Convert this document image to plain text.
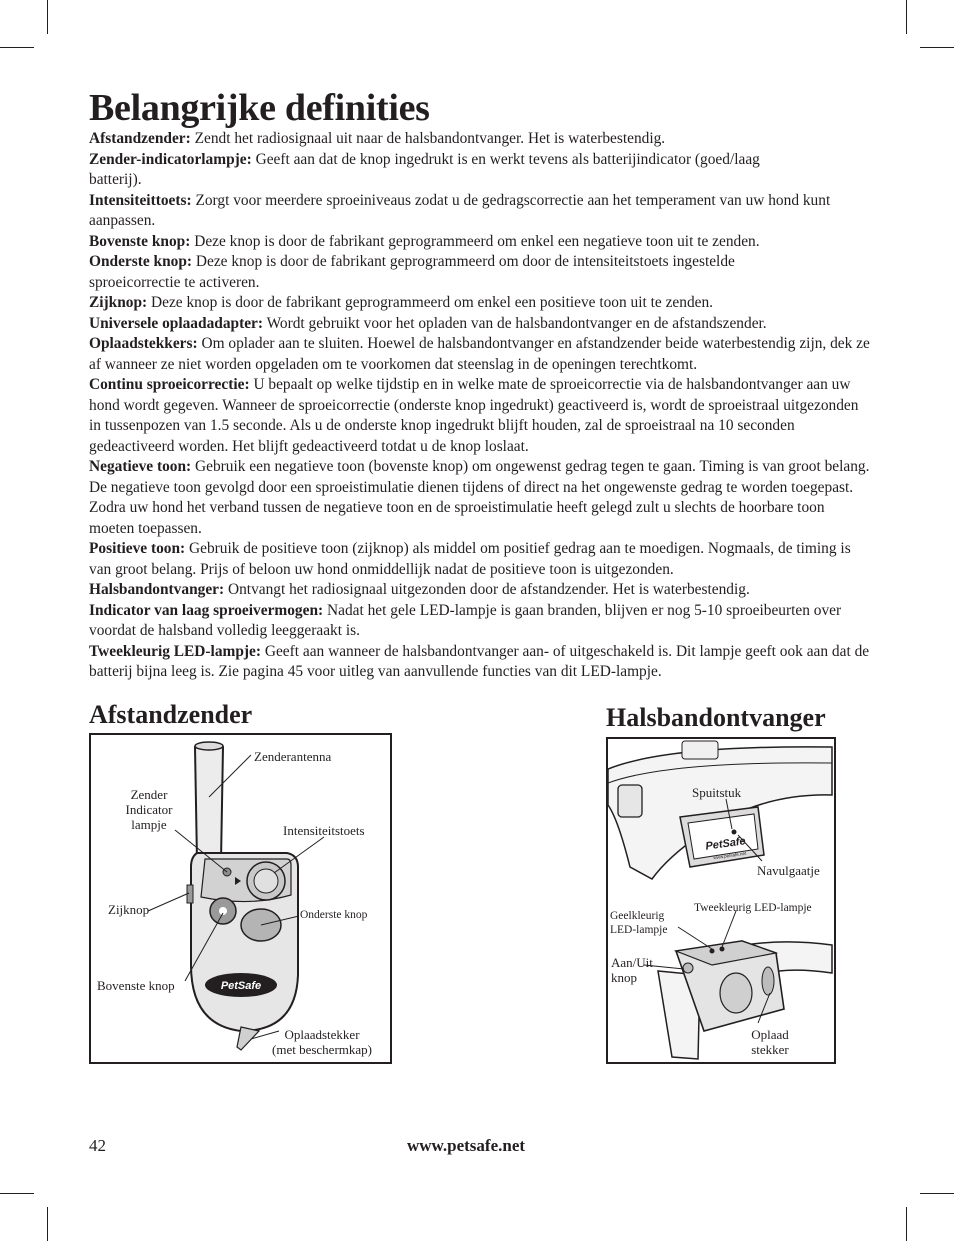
Belangrijke definities

Afstandzender: Zendt het radiosignaal uit naar de halsbandontvanger. Het is waterbestendig.

Zender-indicatorlampje: Geeft aan dat de knop ingedrukt is en werkt tevens als batterijindicator (goed/laag batterij).

Intensiteittoets: Zorgt voor meerdere sproeiniveaus zodat u de gedragscorrectie aan het temperament van uw hond kunt aanpassen.

Bovenste knop: Deze knop is door de fabrikant geprogrammeerd om enkel een negatieve toon uit te zenden.

Onderste knop: Deze knop is door de fabrikant geprogrammeerd om door de intensiteitstoets ingestelde sproeicorrectie te activeren.

Zijknop: Deze knop is door de fabrikant geprogrammeerd om enkel een positieve toon uit te zenden.

Universele oplaadadapter: Wordt gebruikt voor het opladen van de halsbandontvanger en de afstandszender.

Oplaadstekkers: Om oplader aan te sluiten. Hoewel de halsbandontvanger en afstandzender beide waterbestendig zijn, dek ze af wanneer ze niet worden opgeladen om te voorkomen dat steenslag in de openingen terechtkomt.

Continu sproeicorrectie: U bepaalt op welke tijdstip en in welke mate de sproeicorrectie via de halsbandontvanger aan uw hond wordt gegeven. Wanneer de sproeicorrectie (onderste knop ingedrukt) geactiveerd is, wordt de sproeistraal uitgezonden in tussenpozen van 1.5 seconde. Als u de onderste knop ingedrukt blijft houden, zal de sproeistraal na 10 seconden gedeactiveerd worden. Het blijft gedeactiveerd totdat u de knop loslaat.

Negatieve toon: Gebruik een negatieve toon (bovenste knop) om ongewenst gedrag tegen te gaan. Timing is van groot belang. De negatieve toon gevolgd door een sproeistimulatie dienen tijdens of direct na het ongewenste gedrag te worden toegepast. Zodra uw hond het verband tussen de negatieve toon en de sproeistimulatie heeft gelegd zult u slechts de hoorbare toon moeten toepassen.

Positieve toon: Gebruik de positieve toon (zijknop) als middel om positief gedrag aan te moedigen. Nogmaals, de timing is van groot belang. Prijs of beloon uw hond onmiddellijk nadat de positieve toon is uitgezonden.

Halsbandontvanger: Ontvangt het radiosignaal uitgezonden door de afstandzender. Het is waterbestendig.

Indicator van laag sproeivermogen: Nadat het gele LED-lampje is gaan branden, blijven er nog 5-10 sproeibeurten over voordat de halsband volledig leeggeraakt is.

Tweekleurig LED-lampje: Geeft aan wanneer de halsbandontvanger aan- of uitgeschakeld is. Dit lampje geeft ook aan dat de batterij bijna leeg is. Zie pagina 45 voor uitleg van aanvullende functies van dit LED-lampje.

Afstandzender
PetSafe
Zenderantenna
Zender
Indicator
lampje	Intensiteitstoets
Zijknop	Onderste knop
Bovenste knop
Oplaadstekker
(met beschermkap)
Halsbandontvanger
PetSafe
www.petsafe.net
Spuitstuk
Navulgaatje
Geelkleurig
LED-lampje
Tweekleurig LED-lampje
Aan/Uit
knop
Oplaad
stekker
42	www.petsafe.net
